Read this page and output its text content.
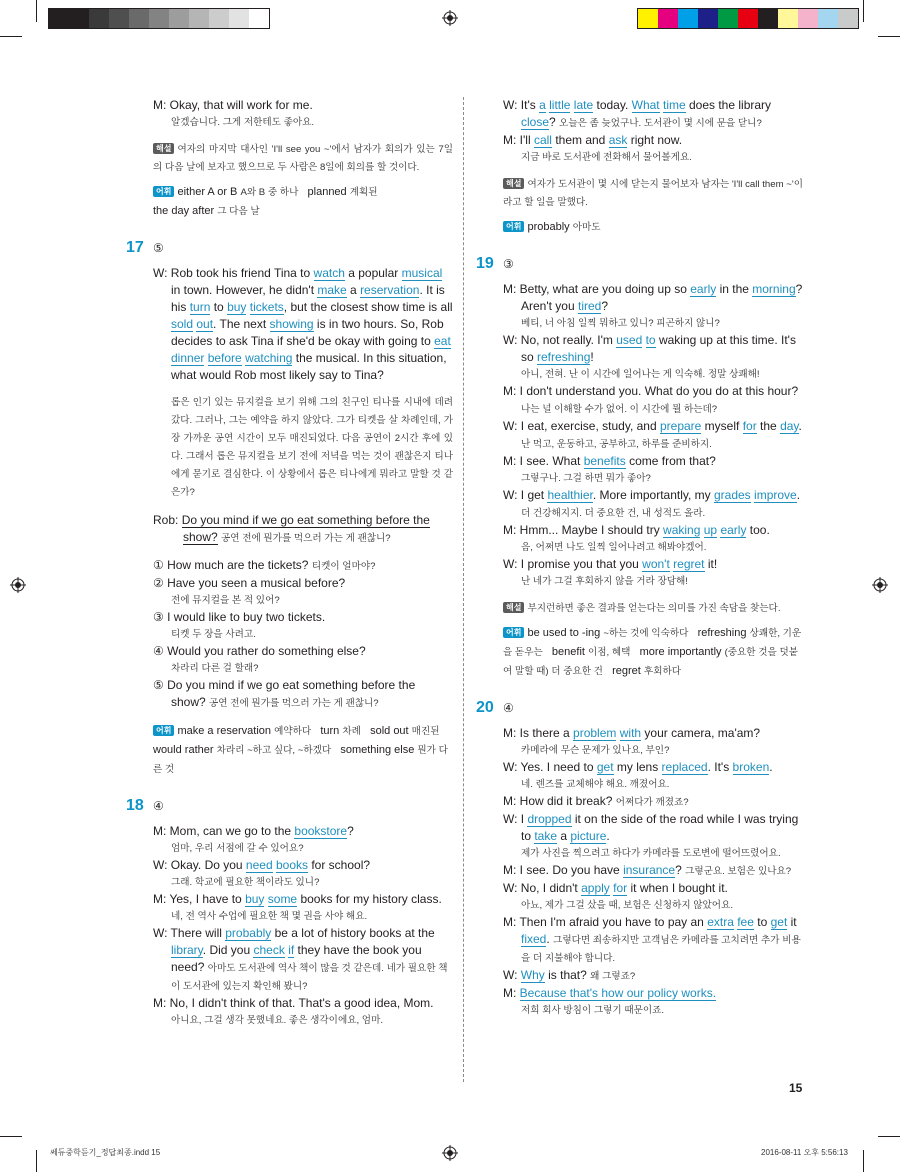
M: Okay, that will work for me.

알겠습니다. 그게 저한테도 좋아요.

해설 여자의 마지막 대사인 'I'll see you ~'에서 남자가 회의가 있는 7일의 다음 날에 보자고 했으므로 두 사람은 8일에 회의를 할 것이다.

어휘 either A or B A와 B 중 하나 planned 계획된
the day after 그 다음 날

17 ⑤

W: Rob took his friend Tina to watch a popular musical in town. However, he didn't make a reservation. It is his turn to buy tickets, but the closest show time is all sold out. The next showing is in two hours. So, Rob decides to ask Tina if she'd be okay with going to eat dinner before watching the musical. In this situation, what would Rob most likely say to Tina?

롭은 인기 있는 뮤지컬을 보기 위해 그의 친구인 티나를 시내에 데려갔다. 그러나, 그는 예약을 하지 않았다. 그가 티켓을 살 차례인데, 가장 가까운 공연 시간이 모두 매진되었다. 다음 공연이 2시간 후에 있다. 그래서 롭은 뮤지컬을 보기 전에 저녁을 먹는 것이 괜찮은지 티나에게 묻기로 결심한다. 이 상황에서 롭은 티나에게 뭐라고 말할 것 같은가?

Rob: Do you mind if we go eat something before the show? 공연 전에 뭔가를 먹으러 가는 게 괜찮니?

① How much are the tickets? 티켓이 얼마야?

② Have you seen a musical before?

전에 뮤지컬을 본 적 있어?

③ I would like to buy two tickets.

티켓 두 장을 사려고.

④ Would you rather do something else?

차라리 다른 걸 할래?

⑤ Do you mind if we go eat something before the show? 공연 전에 뭔가를 먹으러 가는 게 괜찮니?

어휘 make a reservation 예약하다 turn 차례 sold out 매진된   would rather 차라리 ~하고 싶다, ~하겠다 something else 뭔가 다른 것

18 ④

M: Mom, can we go to the bookstore?

엄마, 우리 서점에 갈 수 있어요?

W: Okay. Do you need books for school?

그래. 학교에 필요한 책이라도 있니?

M: Yes, I have to buy some books for my history class.

네, 전 역사 수업에 필요한 책 몇 권을 사야 해요.

W: There will probably be a lot of history books at the library. Did you check if they have the book you need? 아마도 도서관에 역사 책이 많을 것 같은데. 네가 필요한 책이 도서관에 있는지 확인해 봤니?

M: No, I didn't think of that. That's a good idea, Mom.

아니요, 그걸 생각 못했네요. 좋은 생각이에요, 엄마.

W: It's a little late today. What time does the library close? 오늘은 좀 늦었구나. 도서관이 몇 시에 문을 닫니?

M: I'll call them and ask right now.

지금 바로 도서관에 전화해서 물어볼게요.

해설 여자가 도서관이 몇 시에 닫는지 물어보자 남자는 'I'll call them ~'이라고 할 일을 말했다.

어휘 probably 아마도

19 ③

M: Betty, what are you doing up so early in the morning? Aren't you tired?

베티, 너 아침 일찍 뭐하고 있니? 피곤하지 않니?

W: No, not really. I'm used to waking up at this time. It's so refreshing!

아니, 전혀. 난 이 시간에 일어나는 게 익숙해. 정말 상쾌해!

M: I don't understand you. What do you do at this hour? 나는 널 이해할 수가 없어. 이 시간에 뭘 하는데?

W: I eat, exercise, study, and prepare myself for the day. 난 먹고, 운동하고, 공부하고, 하루를 준비하지.

M: I see. What benefits come from that?

그렇구나. 그걸 하면 뭐가 좋아?

W: I get healthier. More importantly, my grades improve. 더 건강해지지. 더 중요한 건, 내 성적도 올라.

M: Hmm... Maybe I should try waking up early too.

음, 어쩌면 나도 일찍 일어나려고 해봐야겠어.

W: I promise you that you won't regret it!

난 네가 그걸 후회하지 않을 거라 장담해!

해설 부지런하면 좋은 결과를 얻는다는 의미를 가진 속담을 찾는다.

어휘 be used to -ing ~하는 것에 익숙하다 refreshing 상쾌한, 기운을 돋우는 benefit 이점, 혜택 more importantly (중요한 것을 덧붙여 말할 때) 더 중요한 건 regret 후회하다

20 ④

M: Is there a problem with your camera, ma'am?

카메라에 무슨 문제가 있나요, 부인?

W: Yes. I need to get my lens replaced. It's broken.

네. 렌즈를 교체해야 해요. 깨졌어요.

M: How did it break? 어쩌다가 깨졌죠?

W: I dropped it on the side of the road while I was trying to take a picture.

제가 사진을 찍으려고 하다가 카메라를 도로변에 떨어뜨렸어요.

M: I see. Do you have insurance? 그렇군요. 보험은 있나요?

W: No, I didn't apply for it when I bought it.

아뇨, 제가 그걸 샀을 때, 보험은 신청하지 않았어요.

M: Then I'm afraid you have to pay an extra fee to get it fixed. 그렇다면 죄송하지만 고객님은 카메라를 고치려면 추가 비용을 더 지불해야 합니다.

W: Why is that? 왜 그렇죠?

M: Because that's how our policy works.

저희 회사 방침이 그렇기 때문이죠.

15
쎄듀중학듣기_정답최종.indd 15	2016-08-11 오후 5:56:13
